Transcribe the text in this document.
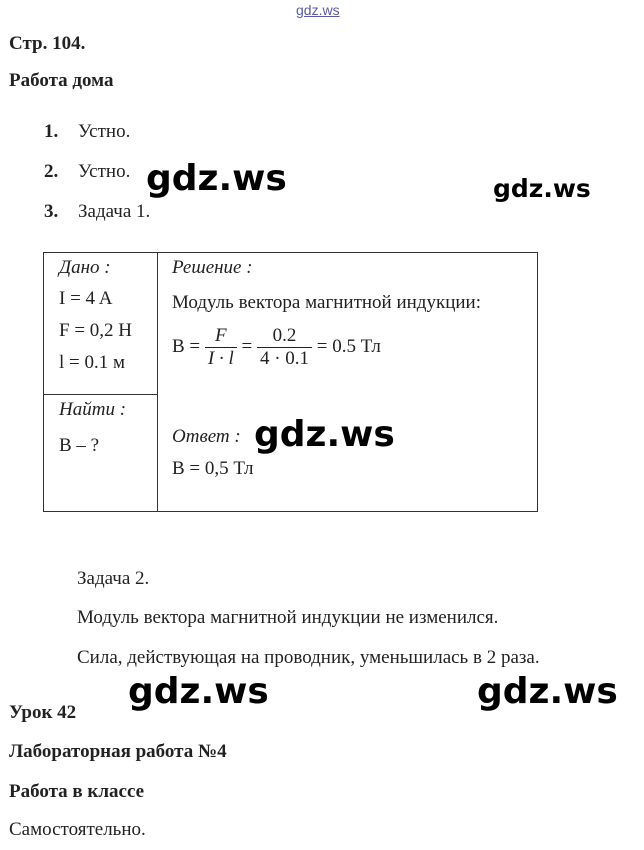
gdz.ws
Стр. 104.
Работа дома
1. Устно.
2. Устно.
3. Задача 1.
Дано :
I = 4 A
F = 0,2 Н
l = 0.1 м
Найти :
B – ?
Решение :
Модуль вектора магнитной индукции:
$B = \frac{F}{I \cdot l} = \frac{0.2}{4 \cdot 0.1} = 0.5$ Тл
Ответ :
B = 0,5 Тл
Задача 2.
Модуль вектора магнитной индукции не изменился.
Сила, действующая на проводник, уменьшилась в 2 раза.
Урок 42
Лабораторная работа №4
Работа в классе
Самостоятельно.
gdz.ws	gdz.ws
gdz.ws
gdz.ws	gdz.ws
